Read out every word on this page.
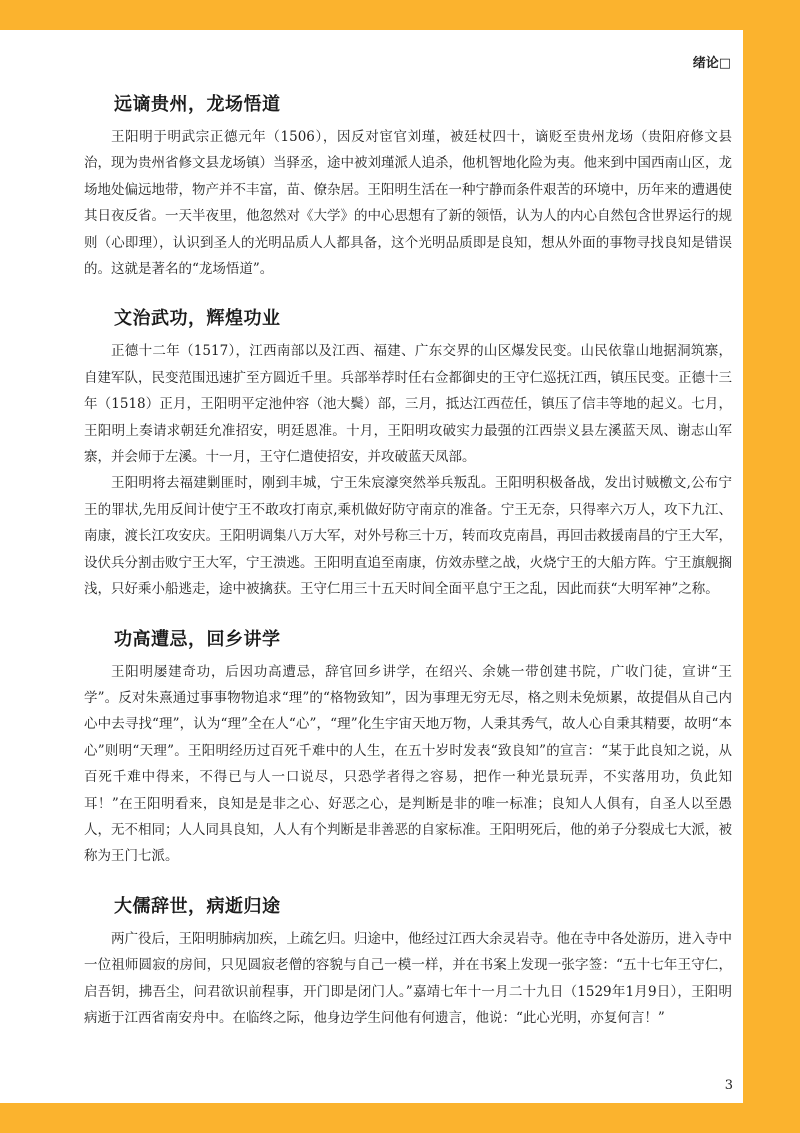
绪论□
远谪贵州，龙场悟道

王阳明于明武宗正德元年（1506），因反对宦官刘瑾，被廷杖四十，谪贬至贵州龙场（贵阳府修文县治，现为贵州省修文县龙场镇）当驿丞，途中被刘瑾派人追杀，他机智地化险为夷。他来到中国西南山区，龙场地处偏远地带，物产并不丰富，苗、僚杂居。王阳明生活在一种宁静而条件艰苦的环境中，历年来的遭遇使其日夜反省。一天半夜里，他忽然对《大学》的中心思想有了新的领悟，认为人的内心自然包含世界运行的规则（心即理），认识到圣人的光明品质人人都具备，这个光明品质即是良知，想从外面的事物寻找良知是错误的。这就是著名的“龙场悟道”。

文治武功，辉煌功业

正德十二年（1517），江西南部以及江西、福建、广东交界的山区爆发民变。山民依靠山地据洞筑寨，自建军队，民变范围迅速扩至方圆近千里。兵部举荐时任右佥都御史的王守仁巡抚江西，镇压民变。正德十三年（1518）正月，王阳明平定池仲容（池大鬓）部，三月，抵达江西莅任，镇压了信丰等地的起义。七月，王阳明上奏请求朝廷允准招安，明廷恩准。十月，王阳明攻破实力最强的江西崇义县左溪蓝天凤、谢志山军寨，并会师于左溪。十一月，王守仁遣使招安，并攻破蓝天凤部。

王阳明将去福建剿匪时，刚到丰城，宁王朱宸濠突然举兵叛乱。王阳明积极备战，发出讨贼檄文,公布宁王的罪状,先用反间计使宁王不敢攻打南京,乘机做好防守南京的准备。宁王无奈，只得率六万人，攻下九江、南康，渡长江攻安庆。王阳明调集八万大军，对外号称三十万，转而攻克南昌，再回击救援南昌的宁王大军，设伏兵分割击败宁王大军，宁王溃逃。王阳明直追至南康，仿效赤壁之战，火烧宁王的大船方阵。宁王旗舰搁浅，只好乘小船逃走，途中被擒获。王守仁用三十五天时间全面平息宁王之乱，因此而获“大明军神”之称。

功高遭忌，回乡讲学

王阳明屡建奇功，后因功高遭忌，辞官回乡讲学，在绍兴、余姚一带创建书院，广收门徒，宣讲“王学”。反对朱熹通过事事物物追求“理”的“格物致知”，因为事理无穷无尽，格之则未免烦累，故提倡从自己内心中去寻找“理”，认为“理”全在人“心”，“理”化生宇宙天地万物，人秉其秀气，故人心自秉其精要，故明“本心”则明“天理”。王阳明经历过百死千难中的人生，在五十岁时发表“致良知”的宣言：“某于此良知之说，从百死千难中得来，不得已与人一口说尽，只恐学者得之容易，把作一种光景玩弄，不实落用功，负此知耳！”在王阳明看来，良知是是非之心、好恶之心，是判断是非的唯一标准；良知人人俱有，自圣人以至愚人，无不相同；人人同具良知，人人有个判断是非善恶的自家标准。王阳明死后，他的弟子分裂成七大派，被称为王门七派。

大儒辞世，病逝归途

两广役后，王阳明肺病加疾，上疏乞归。归途中，他经过江西大余灵岩寺。他在寺中各处游历，进入寺中一位祖师圆寂的房间，只见圆寂老僧的容貌与自己一模一样，并在书案上发现一张字签：“五十七年王守仁，启吾钥，拂吾尘，问君欲识前程事，开门即是闭门人。”嘉靖七年十一月二十九日（1529年1月9日），王阳明病逝于江西省南安舟中。在临终之际，他身边学生问他有何遗言，他说：“此心光明，亦复何言！”

3
